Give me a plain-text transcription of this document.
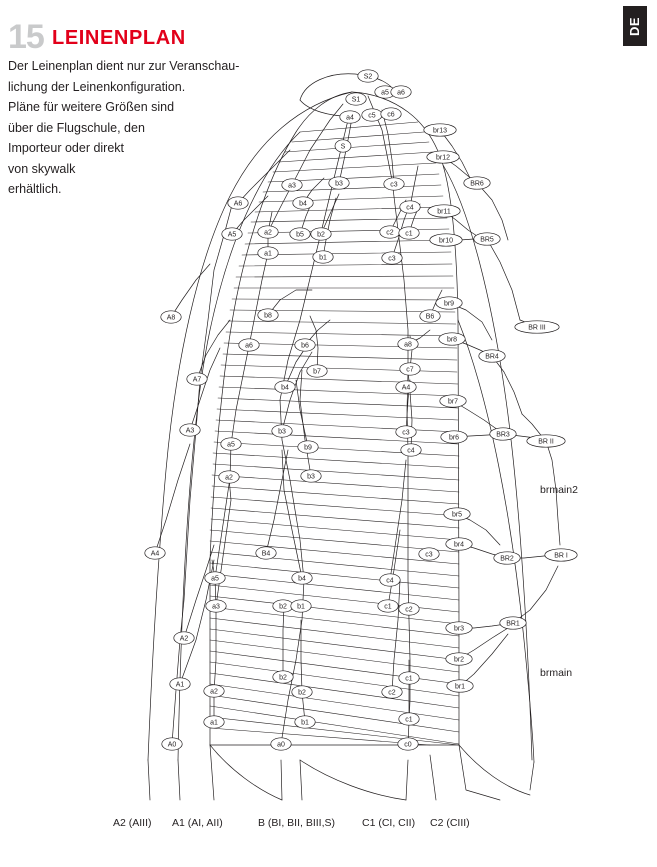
DE
15 LEINENPLAN
Der Leinenplan dient nur zur Veranschau-
lichung der Leinenkonfiguration.
Pläne für weitere Größen sind
über die Flugschule, den
Importeur oder direkt
von skywalk
erhältlich.
S2
S1
a5 a6
a4 c5 c6
br13
S
br12
BR6
a3	b3	c3
b4
c4
br11
A6
A5	a2	b5 b2	c2 c1
br10	BR5
a1
b1	c3
A8	b8	B6
br9
BR III
br8
BR4
a6	b6	a8
b7	c7
A7
b4	A4
br7
A3	b3	c3
a5	b9	c4
br6	BR3
BR II
a2	b3
br5
br4
BR2	BR I
A4	B4	c3
a5	b4	c4
a3	b2 b1	c1 c2
br3
BR1
A2
br2
A1
a2
b2
b2	c2
c1
br1
a1	b1	c1
A0	a0	c0
brmain2
brmain
A2 (AIII) A1 (AI, AII)	B (BI, BII, BIII,S)	C1 (CI, CII) C2 (CIII)
